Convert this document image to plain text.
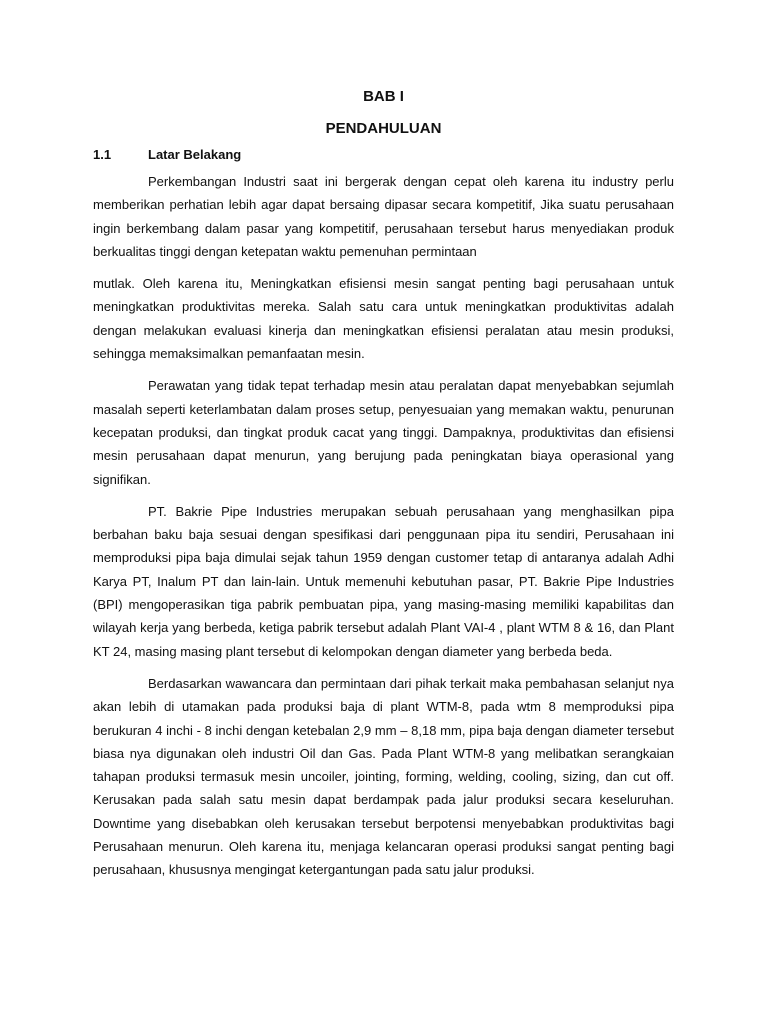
BAB I
PENDAHULUAN
1.1	Latar Belakang

Perkembangan Industri saat ini bergerak dengan cepat oleh karena itu industry perlu memberikan perhatian lebih agar dapat bersaing dipasar secara kompetitif, Jika suatu perusahaan ingin berkembang dalam pasar yang kompetitif, perusahaan tersebut harus menyediakan produk berkualitas tinggi dengan ketepatan waktu pemenuhan permintaan

mutlak. Oleh karena itu, Meningkatkan efisiensi mesin sangat penting bagi perusahaan untuk meningkatkan produktivitas mereka. Salah satu cara untuk meningkatkan produktivitas adalah dengan melakukan evaluasi kinerja dan meningkatkan efisiensi peralatan atau mesin produksi, sehingga memaksimalkan pemanfaatan mesin.

Perawatan yang tidak tepat terhadap mesin atau peralatan dapat menyebabkan sejumlah masalah seperti keterlambatan dalam proses setup, penyesuaian yang memakan waktu, penurunan kecepatan produksi, dan tingkat produk cacat yang tinggi. Dampaknya, produktivitas dan efisiensi mesin perusahaan dapat menurun, yang berujung pada peningkatan biaya operasional yang signifikan.

PT. Bakrie Pipe Industries merupakan sebuah perusahaan yang menghasilkan pipa berbahan baku baja sesuai dengan spesifikasi dari penggunaan pipa itu sendiri, Perusahaan ini memproduksi pipa baja dimulai sejak tahun 1959 dengan customer tetap di antaranya adalah Adhi Karya PT, Inalum PT dan lain-lain. Untuk memenuhi kebutuhan pasar, PT. Bakrie Pipe Industries (BPI) mengoperasikan tiga pabrik pembuatan pipa, yang masing-masing memiliki kapabilitas dan wilayah kerja yang berbeda, ketiga pabrik tersebut adalah Plant VAI-4 , plant WTM 8 & 16, dan Plant KT 24, masing masing plant tersebut di kelompokan dengan diameter yang berbeda beda.

Berdasarkan wawancara dan permintaan dari pihak terkait maka pembahasan selanjut nya akan lebih di utamakan pada produksi baja di plant WTM-8, pada wtm 8 memproduksi pipa berukuran 4 inchi - 8 inchi dengan ketebalan 2,9 mm – 8,18 mm, pipa baja dengan diameter tersebut biasa nya digunakan oleh industri Oil dan Gas. Pada Plant WTM-8 yang melibatkan serangkaian tahapan produksi termasuk mesin uncoiler, jointing, forming, welding, cooling, sizing, dan cut off. Kerusakan pada salah satu mesin dapat berdampak pada jalur produksi secara keseluruhan. Downtime yang disebabkan oleh kerusakan tersebut berpotensi menyebabkan produktivitas bagi Perusahaan menurun. Oleh karena itu, menjaga kelancaran operasi produksi sangat penting bagi perusahaan, khususnya mengingat ketergantungan pada satu jalur produksi.
